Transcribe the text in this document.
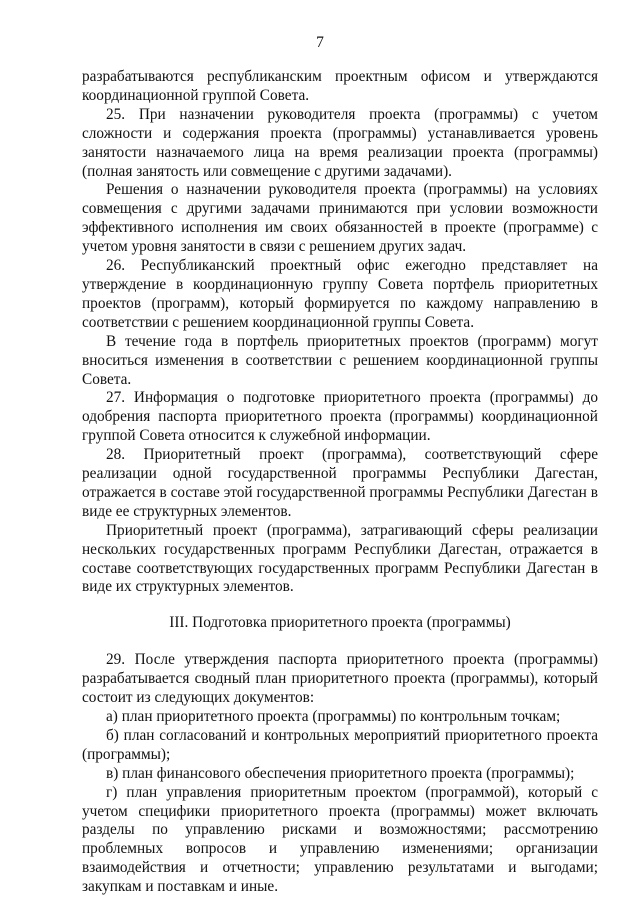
7

разрабатываются республиканским проектным офисом и утверждаются координационной группой Совета.

25. При назначении руководителя проекта (программы) с учетом сложности и содержания проекта (программы) устанавливается уровень занятости назначаемого лица на время реализации проекта (программы) (полная занятость или совмещение с другими задачами).

Решения о назначении руководителя проекта (программы) на условиях совмещения с другими задачами принимаются при условии возможности эффективного исполнения им своих обязанностей в проекте (программе) с учетом уровня занятости в связи с решением других задач.

26. Республиканский проектный офис ежегодно представляет на утверждение в координационную группу Совета портфель приоритетных проектов (программ), который формируется по каждому направлению в соответствии с решением координационной группы Совета.

В течение года в портфель приоритетных проектов (программ) могут вноситься изменения в соответствии с решением координационной группы Совета.

27. Информация о подготовке приоритетного проекта (программы) до одобрения паспорта приоритетного проекта (программы) координационной группой Совета относится к служебной информации.

28. Приоритетный проект (программа), соответствующий сфере реализации одной государственной программы Республики Дагестан, отражается в составе этой государственной программы Республики Дагестан в виде ее структурных элементов.

Приоритетный проект (программа), затрагивающий сферы реализации нескольких государственных программ Республики Дагестан, отражается в составе соответствующих государственных программ Республики Дагестан в виде их структурных элементов.

III. Подготовка приоритетного проекта (программы)

29. После утверждения паспорта приоритетного проекта (программы) разрабатывается сводный план приоритетного проекта (программы), который состоит из следующих документов:

а) план приоритетного проекта (программы) по контрольным точкам;

б) план согласований и контрольных мероприятий приоритетного проекта (программы);

в) план финансового обеспечения приоритетного проекта (программы);

г) план управления приоритетным проектом (программой), который с учетом специфики приоритетного проекта (программы) может включать разделы по управлению рисками и возможностями; рассмотрению проблемных вопросов и управлению изменениями; организации взаимодействия и отчетности; управлению результатами и выгодами; закупкам и поставкам и иные.
